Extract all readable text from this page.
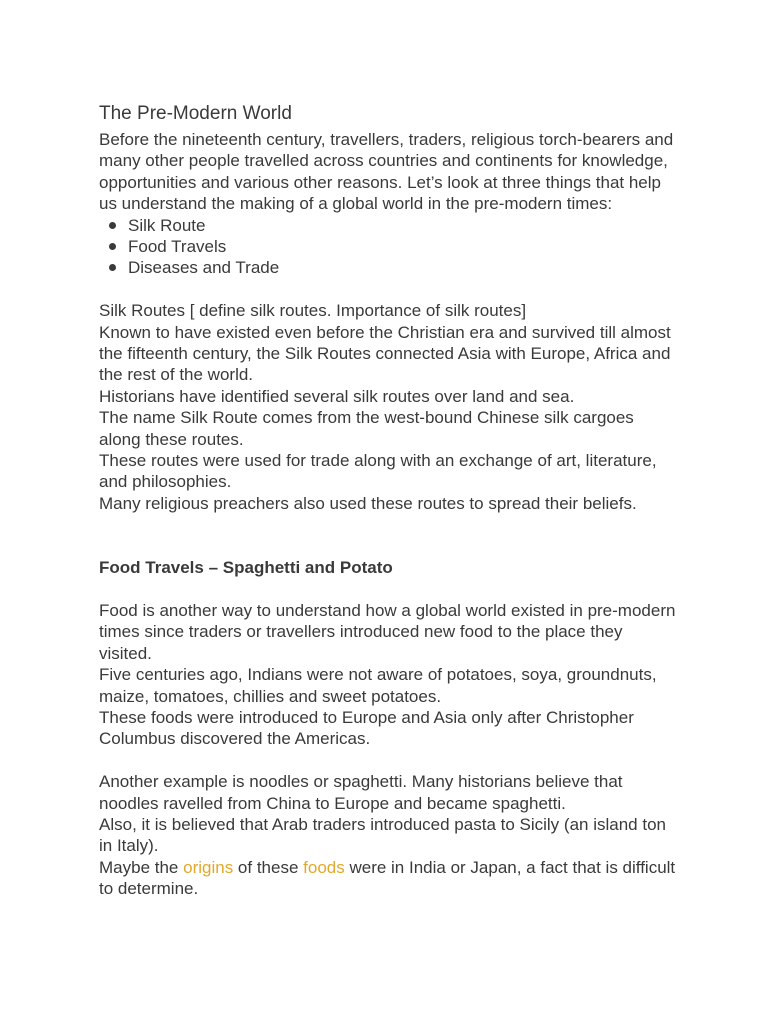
The Pre-Modern World

Before the nineteenth century, travellers, traders, religious torch-bearers and many other people travelled across countries and continents for knowledge, opportunities and various other reasons. Let’s look at three things that help us understand the making of a global world in the pre-modern times:

Silk Route
Food Travels
Diseases and Trade

Silk Routes [ define silk routes. Importance of silk routes]

Known to have existed even before the Christian era and survived till almost the fifteenth century, the Silk Routes connected Asia with Europe, Africa and the rest of the world.

Historians have identified several silk routes over land and sea.

The name Silk Route comes from the west-bound Chinese silk cargoes along these routes.

These routes were used for trade along with an exchange of art, literature, and philosophies.

Many religious preachers also used these routes to spread their beliefs.

Food Travels – Spaghetti and Potato

Food is another way to understand how a global world existed in pre-modern times since traders or travellers introduced new food to the place they visited.

Five centuries ago, Indians were not aware of potatoes, soya, groundnuts, maize, tomatoes, chillies and sweet potatoes.

These foods were introduced to Europe and Asia only after Christopher Columbus discovered the Americas.

Another example is noodles or spaghetti. Many historians believe that noodles ravelled from China to Europe and became spaghetti.

Also, it is believed that Arab traders introduced pasta to Sicily (an island ton in Italy).

Maybe the origins of these foods were in India or Japan, a fact that is difficult to determine.
